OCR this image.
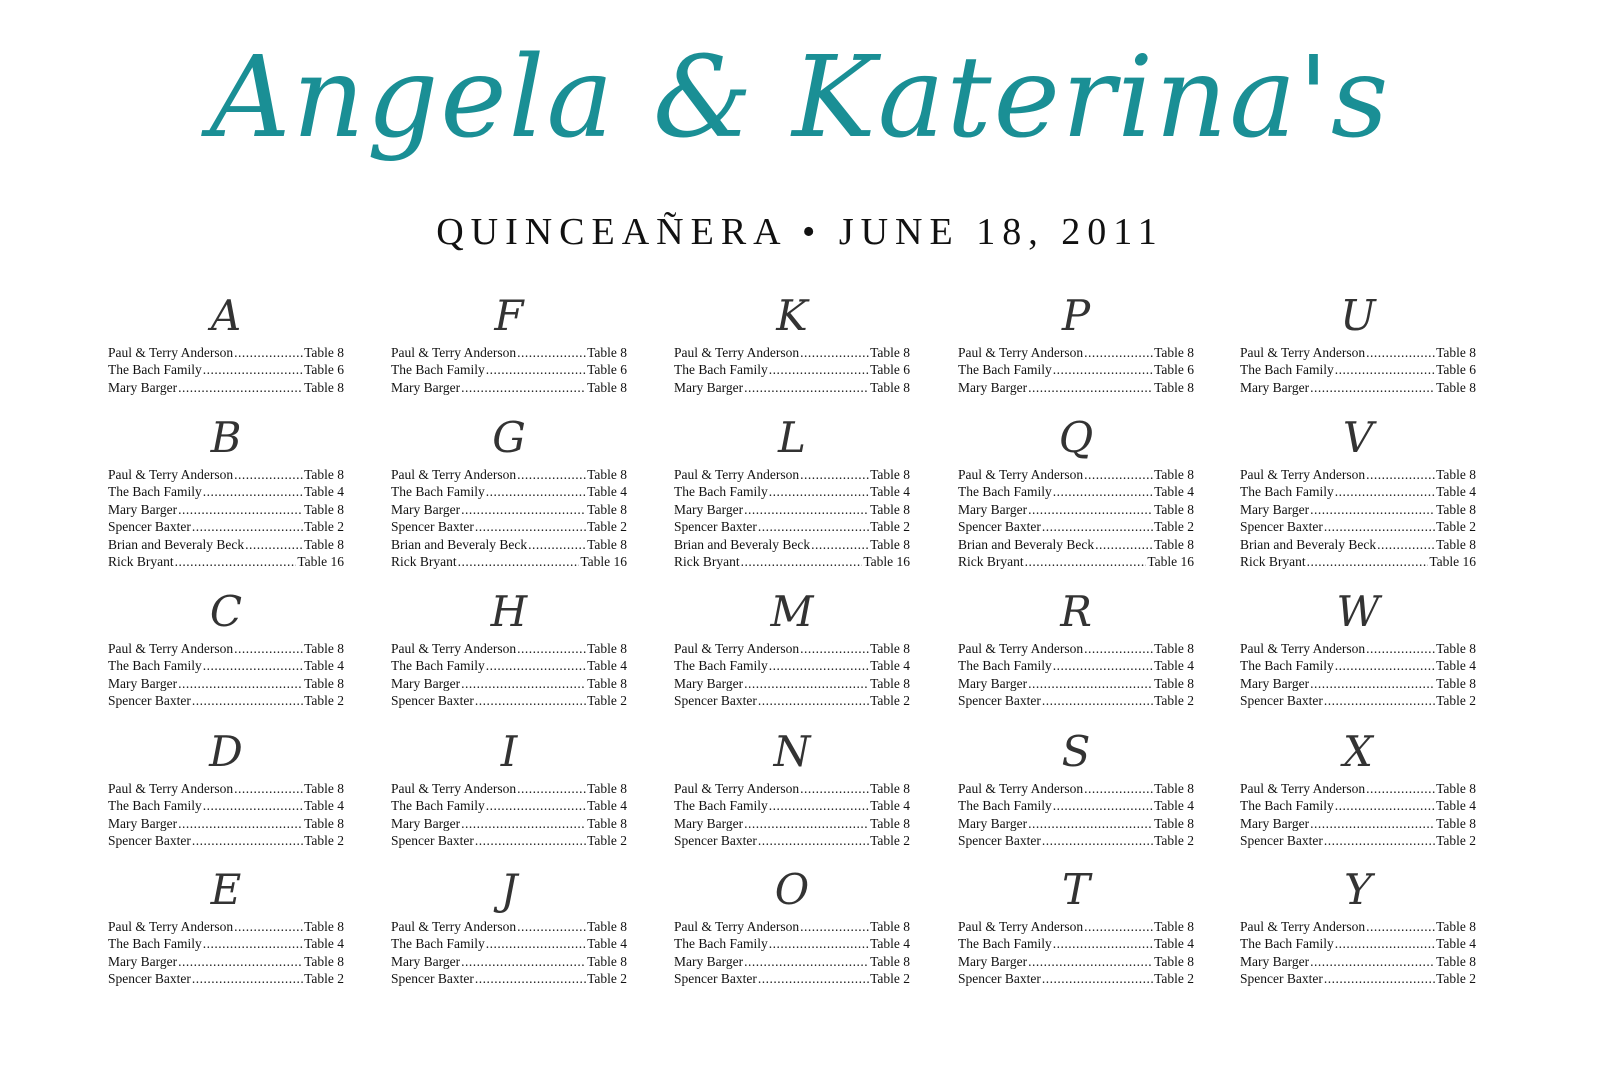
Angela & Katerina's
QUINCEAÑERA • JUNE 18, 2011
A
Paul & Terry Anderson .....	Table 8
The Bach Family .....	Table 6
Mary Barger .....	Table 8
B
Paul & Terry Anderson .....	Table 8
The Bach Family .....	Table 4
Mary Barger .....	Table 8
Spencer Baxter .....	Table 2
Brian and Beveraly Beck .....	Table 8
Rick Bryant .....	Table 16
C
Paul & Terry Anderson .....	Table 8
The Bach Family .....	Table 4
Mary Barger .....	Table 8
Spencer Baxter .....	Table 2
D
Paul & Terry Anderson .....	Table 8
The Bach Family .....	Table 4
Mary Barger .....	Table 8
Spencer Baxter .....	Table 2
E
Paul & Terry Anderson .....	Table 8
The Bach Family .....	Table 4
Mary Barger .....	Table 8
Spencer Baxter .....	Table 2
F
Paul & Terry Anderson .....	Table 8
The Bach Family .....	Table 6
Mary Barger .....	Table 8
G
Paul & Terry Anderson .....	Table 8
The Bach Family .....	Table 4
Mary Barger .....	Table 8
Spencer Baxter .....	Table 2
Brian and Beveraly Beck .....	Table 8
Rick Bryant .....	Table 16
H
Paul & Terry Anderson .....	Table 8
The Bach Family .....	Table 4
Mary Barger .....	Table 8
Spencer Baxter .....	Table 2
I
Paul & Terry Anderson .....	Table 8
The Bach Family .....	Table 4
Mary Barger .....	Table 8
Spencer Baxter .....	Table 2
J
Paul & Terry Anderson .....	Table 8
The Bach Family .....	Table 4
Mary Barger .....	Table 8
Spencer Baxter .....	Table 2
K
Paul & Terry Anderson .....	Table 8
The Bach Family .....	Table 6
Mary Barger .....	Table 8
L
Paul & Terry Anderson .....	Table 8
The Bach Family .....	Table 4
Mary Barger .....	Table 8
Spencer Baxter .....	Table 2
Brian and Beveraly Beck .....	Table 8
Rick Bryant .....	Table 16
M
Paul & Terry Anderson .....	Table 8
The Bach Family .....	Table 4
Mary Barger .....	Table 8
Spencer Baxter .....	Table 2
N
Paul & Terry Anderson .....	Table 8
The Bach Family .....	Table 4
Mary Barger .....	Table 8
Spencer Baxter .....	Table 2
O
Paul & Terry Anderson .....	Table 8
The Bach Family .....	Table 4
Mary Barger .....	Table 8
Spencer Baxter .....	Table 2
P
Paul & Terry Anderson .....	Table 8
The Bach Family .....	Table 6
Mary Barger .....	Table 8
Q
Paul & Terry Anderson .....	Table 8
The Bach Family .....	Table 4
Mary Barger .....	Table 8
Spencer Baxter .....	Table 2
Brian and Beveraly Beck .....	Table 8
Rick Bryant .....	Table 16
R
Paul & Terry Anderson .....	Table 8
The Bach Family .....	Table 4
Mary Barger .....	Table 8
Spencer Baxter .....	Table 2
S
Paul & Terry Anderson .....	Table 8
The Bach Family .....	Table 4
Mary Barger .....	Table 8
Spencer Baxter .....	Table 2
T
Paul & Terry Anderson .....	Table 8
The Bach Family .....	Table 4
Mary Barger .....	Table 8
Spencer Baxter .....	Table 2
U
Paul & Terry Anderson .....	Table 8
The Bach Family .....	Table 6
Mary Barger .....	Table 8
V
Paul & Terry Anderson .....	Table 8
The Bach Family .....	Table 4
Mary Barger .....	Table 8
Spencer Baxter .....	Table 2
Brian and Beveraly Beck .....	Table 8
Rick Bryant .....	Table 16
W
Paul & Terry Anderson .....	Table 8
The Bach Family .....	Table 4
Mary Barger .....	Table 8
Spencer Baxter .....	Table 2
X
Paul & Terry Anderson .....	Table 8
The Bach Family .....	Table 4
Mary Barger .....	Table 8
Spencer Baxter .....	Table 2
Y
Paul & Terry Anderson .....	Table 8
The Bach Family .....	Table 4
Mary Barger .....	Table 8
Spencer Baxter .....	Table 2
